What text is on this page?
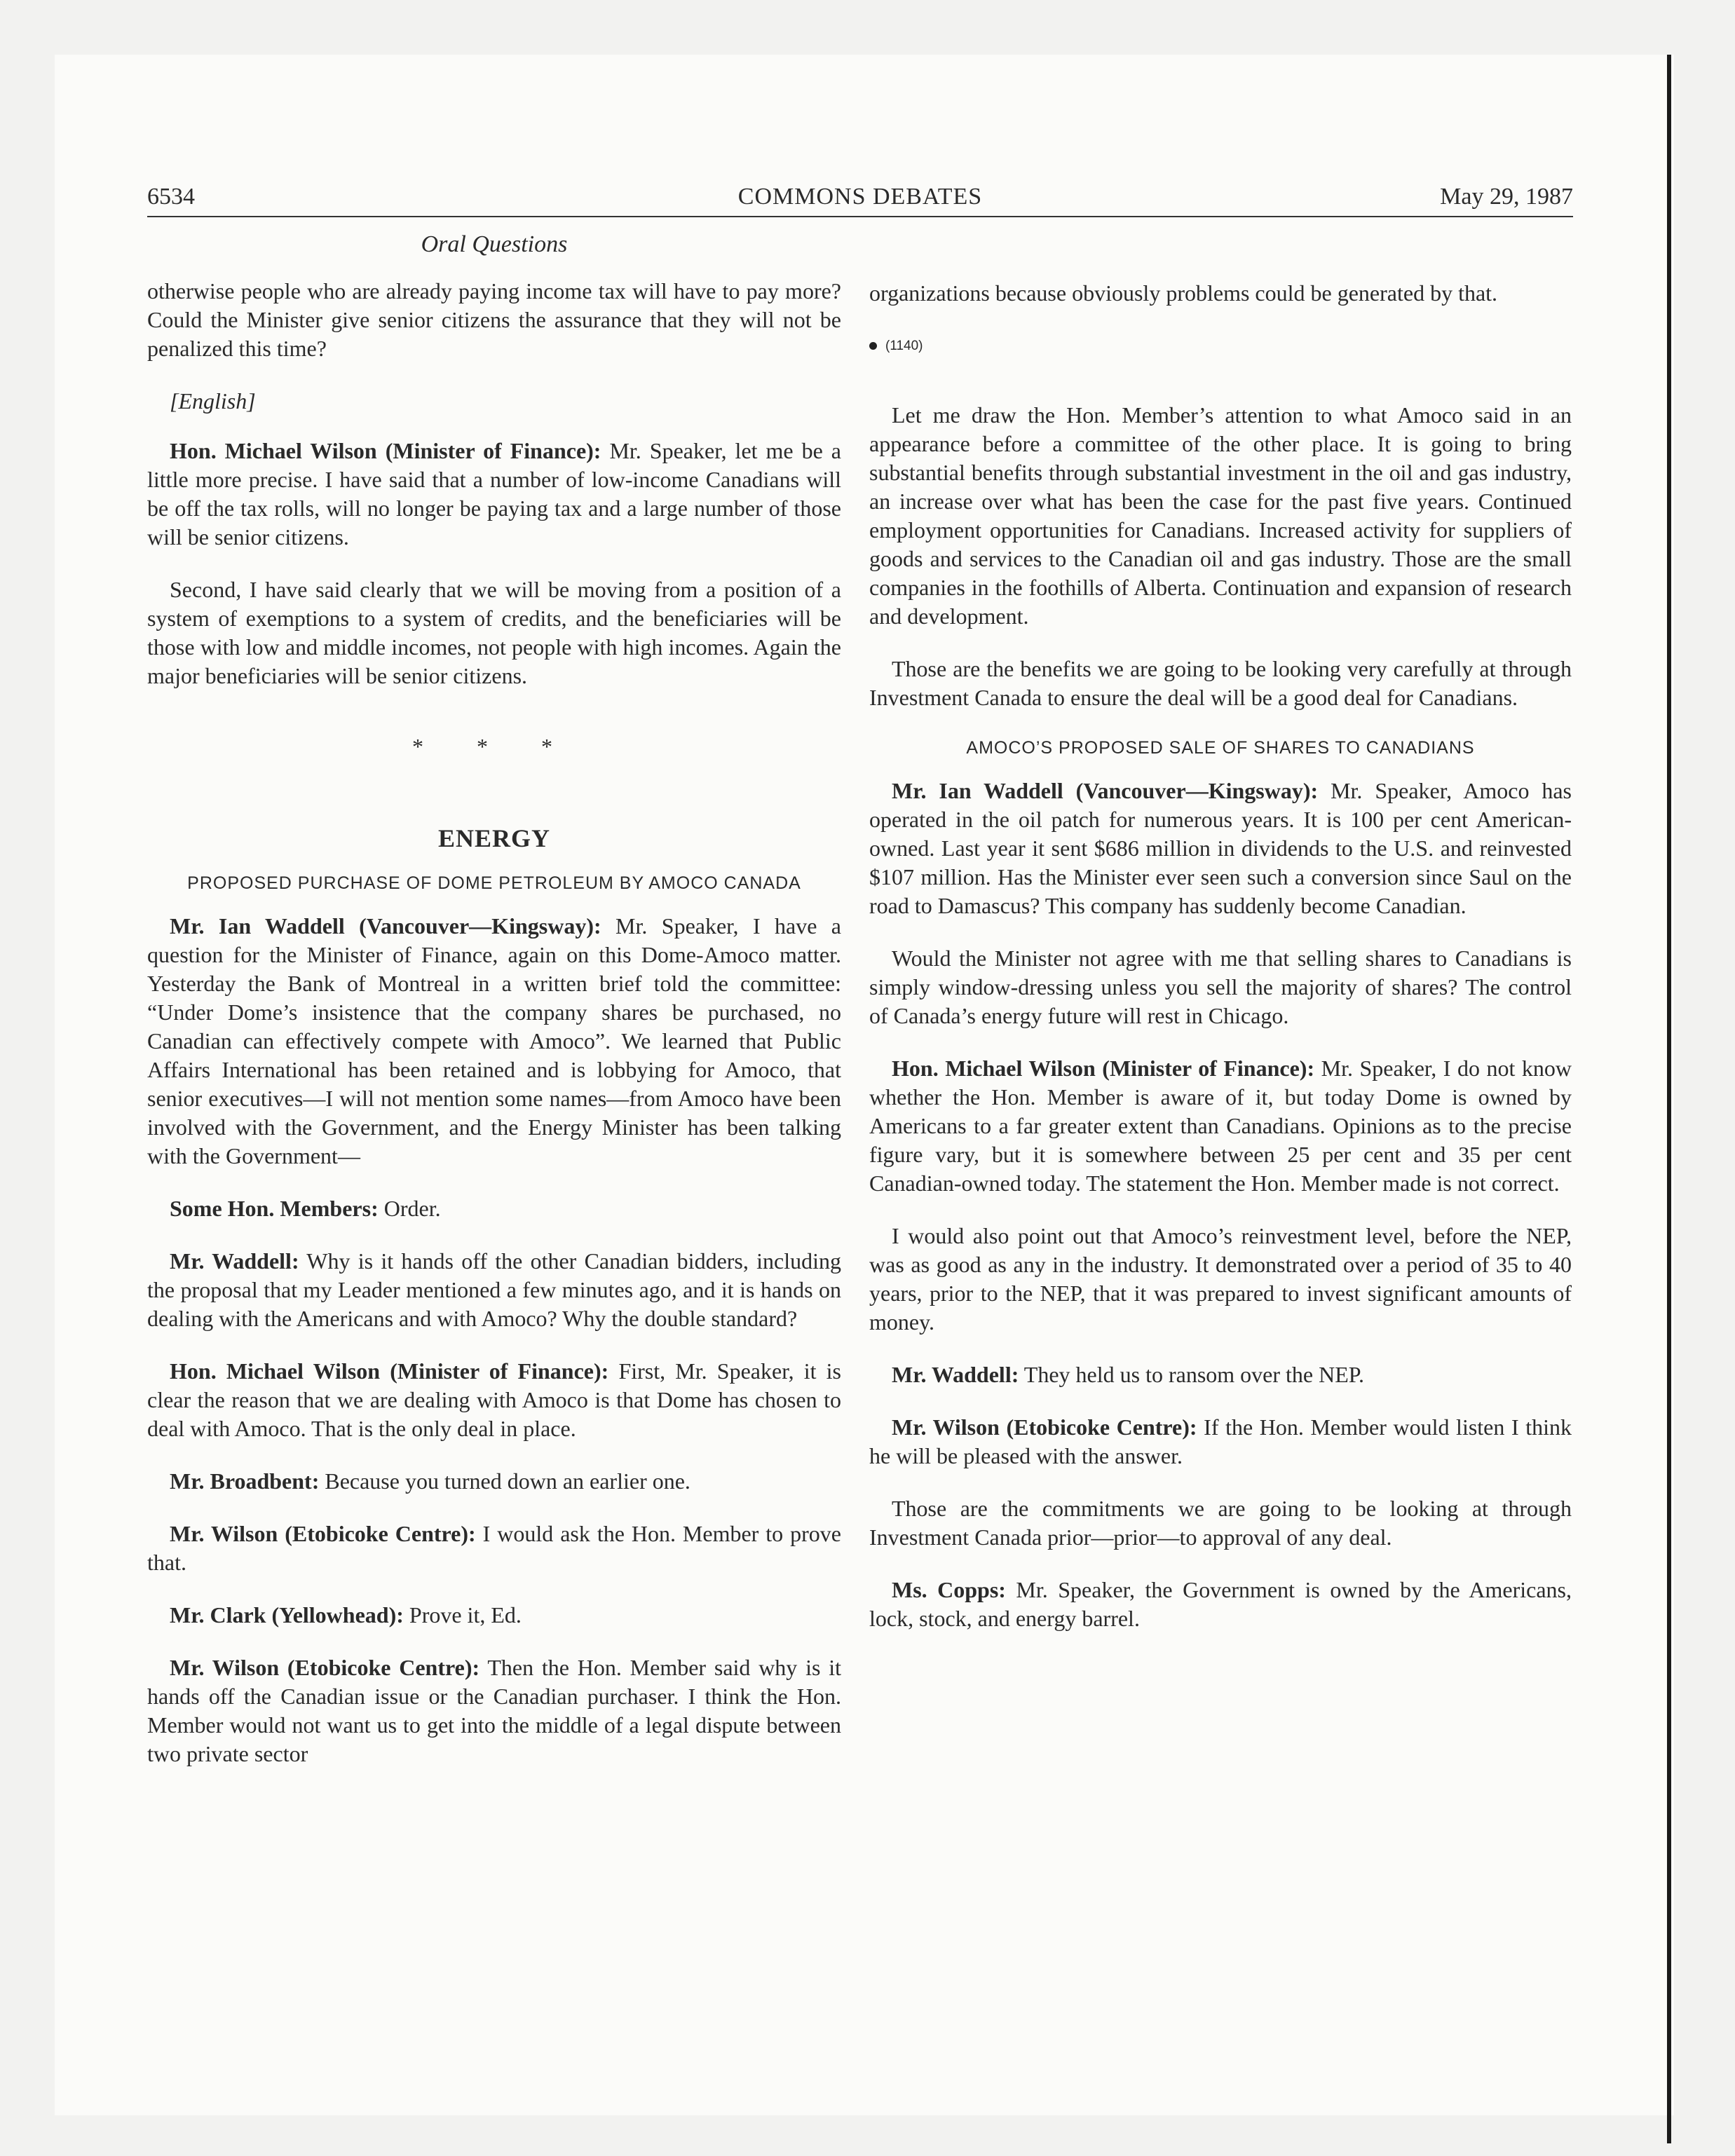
6534	COMMONS DEBATES	May 29, 1987
Oral Questions

otherwise people who are already paying income tax will have to pay more? Could the Minister give senior citizens the assurance that they will not be penalized this time?

[English]

Hon. Michael Wilson (Minister of Finance): Mr. Speaker, let me be a little more precise. I have said that a number of low-income Canadians will be off the tax rolls, will no longer be paying tax and a large number of those will be senior citizens.

Second, I have said clearly that we will be moving from a position of a system of exemptions to a system of credits, and the beneficiaries will be those with low and middle incomes, not people with high incomes. Again the major beneficiaries will be senior citizens.

* * *
ENERGY
PROPOSED PURCHASE OF DOME PETROLEUM BY AMOCO CANADA

Mr. Ian Waddell (Vancouver—Kingsway): Mr. Speaker, I have a question for the Minister of Finance, again on this Dome-Amoco matter. Yesterday the Bank of Montreal in a written brief told the committee: “Under Dome’s insistence that the company shares be purchased, no Canadian can effectively compete with Amoco”. We learned that Public Affairs International has been retained and is lobbying for Amoco, that senior executives—I will not mention some names—from Amoco have been involved with the Government, and the Energy Minister has been talking with the Government—

Some Hon. Members: Order.

Mr. Waddell: Why is it hands off the other Canadian bidders, including the proposal that my Leader mentioned a few minutes ago, and it is hands on dealing with the Americans and with Amoco? Why the double standard?

Hon. Michael Wilson (Minister of Finance): First, Mr. Speaker, it is clear the reason that we are dealing with Amoco is that Dome has chosen to deal with Amoco. That is the only deal in place.

Mr. Broadbent: Because you turned down an earlier one.

Mr. Wilson (Etobicoke Centre): I would ask the Hon. Member to prove that.

Mr. Clark (Yellowhead): Prove it, Ed.

Mr. Wilson (Etobicoke Centre): Then the Hon. Member said why is it hands off the Canadian issue or the Canadian purchaser. I think the Hon. Member would not want us to get into the middle of a legal dispute between two private sector

organizations because obviously problems could be generated by that.

(1140)

Let me draw the Hon. Member’s attention to what Amoco said in an appearance before a committee of the other place. It is going to bring substantial benefits through substantial investment in the oil and gas industry, an increase over what has been the case for the past five years. Continued employment opportunities for Canadians. Increased activity for suppliers of goods and services to the Canadian oil and gas industry. Those are the small companies in the foothills of Alberta. Continuation and expansion of research and development.

Those are the benefits we are going to be looking very carefully at through Investment Canada to ensure the deal will be a good deal for Canadians.

AMOCO’S PROPOSED SALE OF SHARES TO CANADIANS

Mr. Ian Waddell (Vancouver—Kingsway): Mr. Speaker, Amoco has operated in the oil patch for numerous years. It is 100 per cent American-owned. Last year it sent $686 million in dividends to the U.S. and reinvested $107 million. Has the Minister ever seen such a conversion since Saul on the road to Damascus? This company has suddenly become Canadian.

Would the Minister not agree with me that selling shares to Canadians is simply window-dressing unless you sell the majority of shares? The control of Canada’s energy future will rest in Chicago.

Hon. Michael Wilson (Minister of Finance): Mr. Speaker, I do not know whether the Hon. Member is aware of it, but today Dome is owned by Americans to a far greater extent than Canadians. Opinions as to the precise figure vary, but it is somewhere between 25 per cent and 35 per cent Canadian-owned today. The statement the Hon. Member made is not correct.

I would also point out that Amoco’s reinvestment level, before the NEP, was as good as any in the industry. It demonstrated over a period of 35 to 40 years, prior to the NEP, that it was prepared to invest significant amounts of money.

Mr. Waddell: They held us to ransom over the NEP.

Mr. Wilson (Etobicoke Centre): If the Hon. Member would listen I think he will be pleased with the answer.

Those are the commitments we are going to be looking at through Investment Canada prior—prior—to approval of any deal.

Ms. Copps: Mr. Speaker, the Government is owned by the Americans, lock, stock, and energy barrel.
